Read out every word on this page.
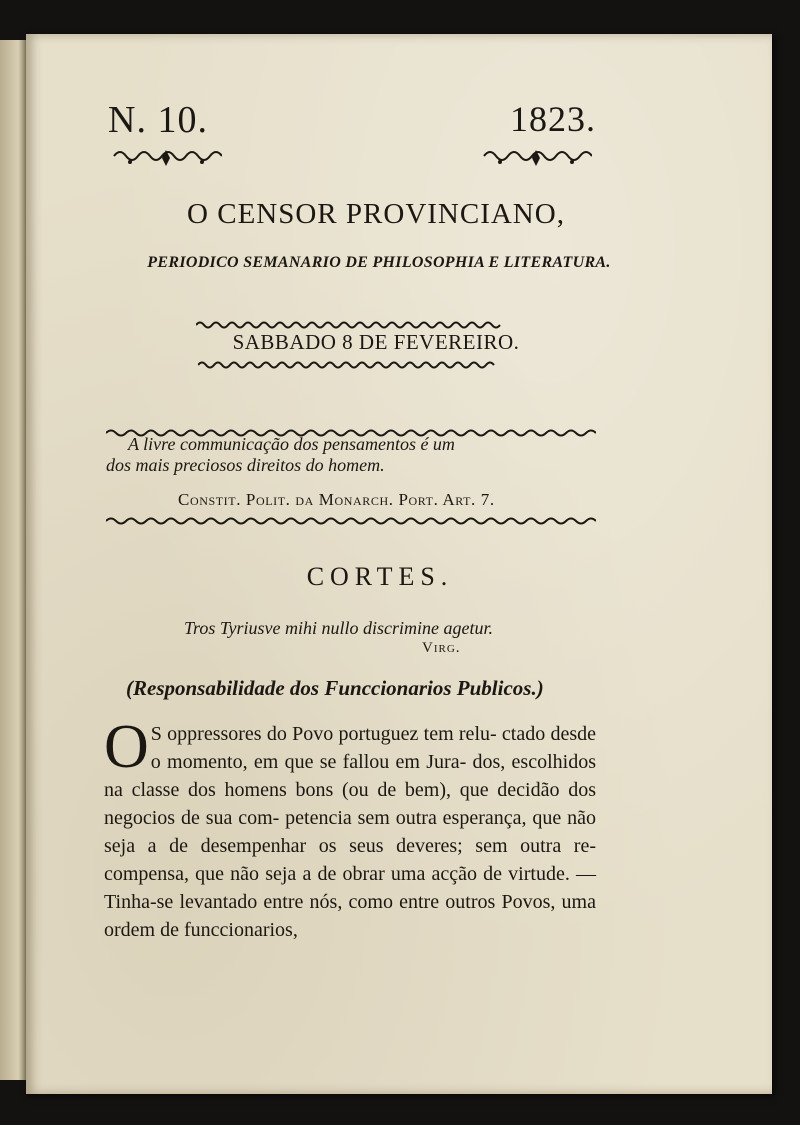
N. 10.	1823.
O CENSOR PROVINCIANO,
PERIODICO SEMANARIO DE PHILOSOPHIA E LITERATURA.
SABBADO 8 DE FEVEREIRO.
A livre communicação dos pensamentos é um
dos mais preciosos direitos do homem.
Constit. Polit. da Monarch. Port. Art. 7.
CORTES.
Tros Tyriusve mihi nullo discrimine agetur.
Virg.
(Responsabilidade dos Funccionarios Publicos.)
O S oppressores do Povo portuguez tem relu- ctado desde o momento, em que se fallou em Jura- dos, escolhidos na classe dos homens bons (ou de bem), que decidão dos negocios de sua com- petencia sem outra esperança, que não seja a de desempenhar os seus deveres; sem outra re- compensa, que não seja a de obrar uma acção de virtude. — Tinha-se levantado entre nós, como entre outros Povos, uma ordem de funccionarios,
